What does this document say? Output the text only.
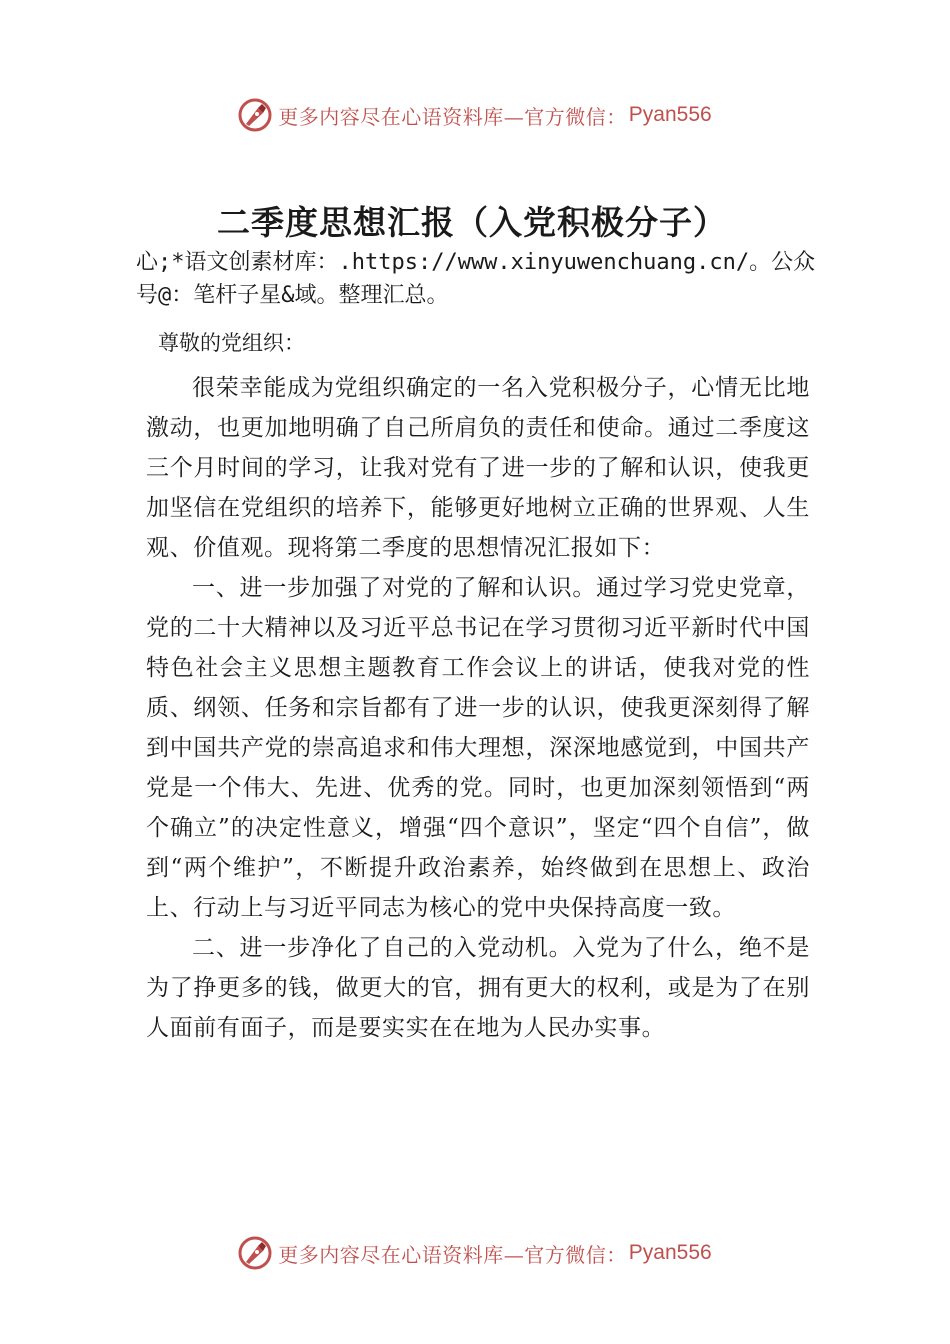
更多内容尽在心语资料库—官方微信： Pyan556
二季度思想汇报（入党积极分子）
心;*语文创素材库：.https://www.xinyuwenchuang.cn/。公众号@：笔杆子星&域。整理汇总。

尊敬的党组织：

很荣幸能成为党组织确定的一名入党积极分子，心情无比地激动，也更加地明确了自己所肩负的责任和使命。通过二季度这三个月时间的学习，让我对党有了进一步的了解和认识，使我更加坚信在党组织的培养下，能够更好地树立正确的世界观、人生观、价值观。现将第二季度的思想情况汇报如下：

一、进一步加强了对党的了解和认识。通过学习党史党章，党的二十大精神以及习近平总书记在学习贯彻习近平新时代中国特色社会主义思想主题教育工作会议上的讲话，使我对党的性质、纲领、任务和宗旨都有了进一步的认识，使我更深刻得了解到中国共产党的崇高追求和伟大理想，深深地感觉到，中国共产党是一个伟大、先进、优秀的党。同时，也更加深刻领悟到“两个确立”的决定性意义，增强“四个意识”，坚定“四个自信”，做到“两个维护”，不断提升政治素养，始终做到在思想上、政治上、行动上与习近平同志为核心的党中央保持高度一致。

二、进一步净化了自己的入党动机。入党为了什么，绝不是为了挣更多的钱，做更大的官，拥有更大的权利，或是为了在别人面前有面子，而是要实实在在地为人民办实事。

更多内容尽在心语资料库—官方微信： Pyan556
